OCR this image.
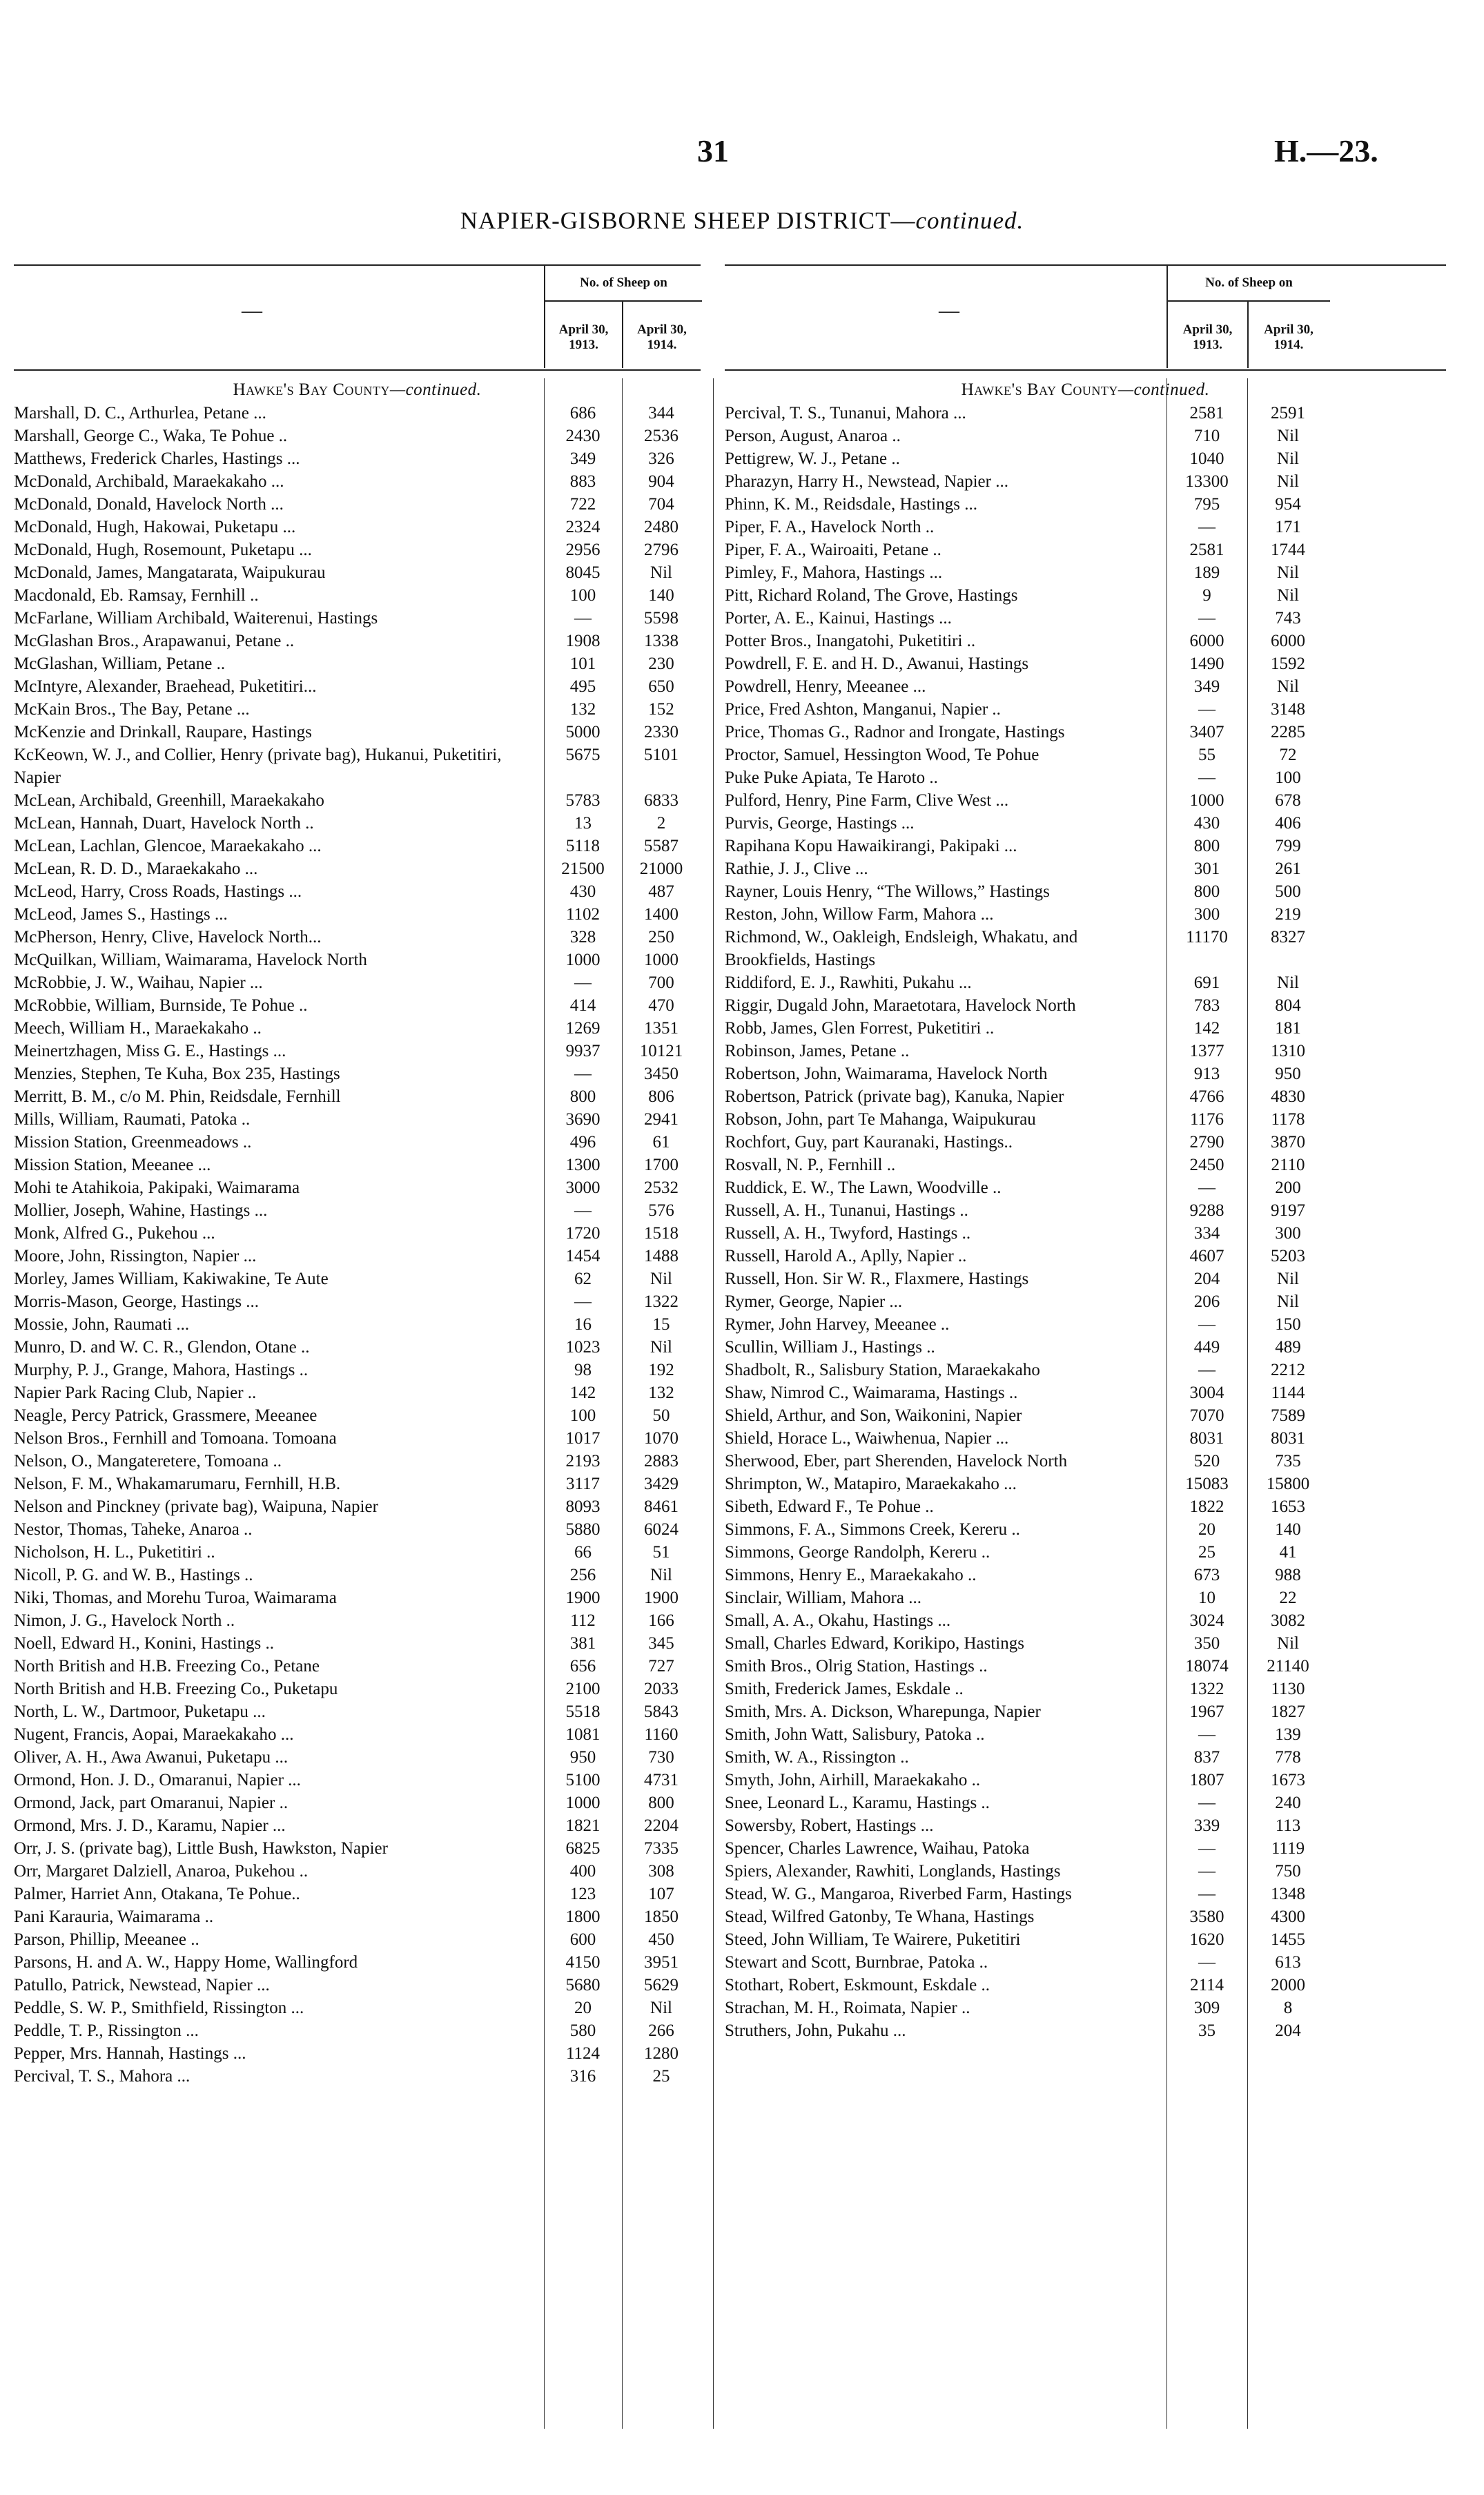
31	H.—23.
NAPIER-GISBORNE SHEEP DISTRICT—continued.
—
No. of Sheep on
April 30,
1913.
April 30,
1914.
—
No. of Sheep on
April 30,
1913.
April 30,
1914.
Hawke's Bay County—continued.
Marshall, D. C., Arthurlea, Petane ...	686	344
Marshall, George C., Waka, Te Pohue ..	2430	2536
Matthews, Frederick Charles, Hastings ...	349	326
McDonald, Archibald, Maraekakaho ...	883	904
McDonald, Donald, Havelock North ...	722	704
McDonald, Hugh, Hakowai, Puketapu ...	2324	2480
McDonald, Hugh, Rosemount, Puketapu ...	2956	2796
McDonald, James, Mangatarata, Waipukurau	8045	Nil
Macdonald, Eb. Ramsay, Fernhill ..	100	140
McFarlane, William Archibald, Waiterenui, Hastings	—	5598
McGlashan Bros., Arapawanui, Petane ..	1908	1338
McGlashan, William, Petane ..	101	230
McIntyre, Alexander, Braehead, Puketitiri...	495	650
McKain Bros., The Bay, Petane ...	132	152
McKenzie and Drinkall, Raupare, Hastings	5000	2330
KcKeown, W. J., and Collier, Henry (private bag), Hukanui, Puketitiri, Napier
5675	5101
McLean, Archibald, Greenhill, Maraekakaho	5783	6833
McLean, Hannah, Duart, Havelock North ..	13	2
McLean, Lachlan, Glencoe, Maraekakaho ...	5118	5587
McLean, R. D. D., Maraekakaho ...	21500	21000
McLeod, Harry, Cross Roads, Hastings ...	430	487
McLeod, James S., Hastings ...	1102	1400
McPherson, Henry, Clive, Havelock North...	328	250
McQuilkan, William, Waimarama, Havelock North	1000	1000
McRobbie, J. W., Waihau, Napier ...	—	700
McRobbie, William, Burnside, Te Pohue ..	414	470
Meech, William H., Maraekakaho ..	1269	1351
Meinertzhagen, Miss G. E., Hastings ...	9937	10121
Menzies, Stephen, Te Kuha, Box 235, Hastings	—	3450
Merritt, B. M., c/o M. Phin, Reidsdale, Fernhill	800	806
Mills, William, Raumati, Patoka ..	3690	2941
Mission Station, Greenmeadows ..	496	61
Mission Station, Meeanee ...	1300	1700
Mohi te Atahikoia, Pakipaki, Waimarama	3000	2532
Mollier, Joseph, Wahine, Hastings ...	—	576
Monk, Alfred G., Pukehou ...	1720	1518
Moore, John, Rissington, Napier ...	1454	1488
Morley, James William, Kakiwakine, Te Aute	62	Nil
Morris-Mason, George, Hastings ...	—	1322
Mossie, John, Raumati ...	16	15
Munro, D. and W. C. R., Glendon, Otane ..	1023	Nil
Murphy, P. J., Grange, Mahora, Hastings ..	98	192
Napier Park Racing Club, Napier ..	142	132
Neagle, Percy Patrick, Grassmere, Meeanee	100	50
Nelson Bros., Fernhill and Tomoana. Tomoana	1017	1070
Nelson, O., Mangateretere, Tomoana ..	2193	2883
Nelson, F. M., Whakamarumaru, Fernhill, H.B.	3117	3429
Nelson and Pinckney (private bag), Waipuna, Napier	8093	8461
Nestor, Thomas, Taheke, Anaroa ..	5880	6024
Nicholson, H. L., Puketitiri ..	66	51
Nicoll, P. G. and W. B., Hastings ..	256	Nil
Niki, Thomas, and Morehu Turoa, Waimarama	1900	1900
Nimon, J. G., Havelock North ..	112	166
Noell, Edward H., Konini, Hastings ..	381	345
North British and H.B. Freezing Co., Petane	656	727
North British and H.B. Freezing Co., Puketapu	2100	2033
North, L. W., Dartmoor, Puketapu ...	5518	5843
Nugent, Francis, Aopai, Maraekakaho ...	1081	1160
Oliver, A. H., Awa Awanui, Puketapu ...	950	730
Ormond, Hon. J. D., Omaranui, Napier ...	5100	4731
Ormond, Jack, part Omaranui, Napier ..	1000	800
Ormond, Mrs. J. D., Karamu, Napier ...	1821	2204
Orr, J. S. (private bag), Little Bush, Hawkston, Napier	6825	7335
Orr, Margaret Dalziell, Anaroa, Pukehou ..	400	308
Palmer, Harriet Ann, Otakana, Te Pohue..	123	107
Pani Karauria, Waimarama ..	1800	1850
Parson, Phillip, Meeanee ..	600	450
Parsons, H. and A. W., Happy Home, Wallingford	4150	3951
Patullo, Patrick, Newstead, Napier ...	5680	5629
Peddle, S. W. P., Smithfield, Rissington ...	20	Nil
Peddle, T. P., Rissington ...	580	266
Pepper, Mrs. Hannah, Hastings ...	1124	1280
Percival, T. S., Mahora ...	316	25
Hawke's Bay County—continued.
Percival, T. S., Tunanui, Mahora ...	2581	2591
Person, August, Anaroa ..	710	Nil
Pettigrew, W. J., Petane ..	1040	Nil
Pharazyn, Harry H., Newstead, Napier ...	13300	Nil
Phinn, K. M., Reidsdale, Hastings ...	795	954
Piper, F. A., Havelock North ..	—	171
Piper, F. A., Wairoaiti, Petane ..	2581	1744
Pimley, F., Mahora, Hastings ...	189	Nil
Pitt, Richard Roland, The Grove, Hastings	9	Nil
Porter, A. E., Kainui, Hastings ...	—	743
Potter Bros., Inangatohi, Puketitiri ..	6000	6000
Powdrell, F. E. and H. D., Awanui, Hastings	1490	1592
Powdrell, Henry, Meeanee ...	349	Nil
Price, Fred Ashton, Manganui, Napier ..	—	3148
Price, Thomas G., Radnor and Irongate, Hastings	3407	2285
Proctor, Samuel, Hessington Wood, Te Pohue	55	72
Puke Puke Apiata, Te Haroto ..	—	100
Pulford, Henry, Pine Farm, Clive West ...	1000	678
Purvis, George, Hastings ...	430	406
Rapihana Kopu Hawaikirangi, Pakipaki ...	800	799
Rathie, J. J., Clive ...	301	261
Rayner, Louis Henry, “The Willows,” Hastings	800	500
Reston, John, Willow Farm, Mahora ...	300	219
Richmond, W., Oakleigh, Endsleigh, Whakatu, and Brookfields, Hastings
11170	8327
Riddiford, E. J., Rawhiti, Pukahu ...	691	Nil
Riggir, Dugald John, Maraetotara, Havelock North	783	804
Robb, James, Glen Forrest, Puketitiri ..	142	181
Robinson, James, Petane ..	1377	1310
Robertson, John, Waimarama, Havelock North	913	950
Robertson, Patrick (private bag), Kanuka, Napier	4766	4830
Robson, John, part Te Mahanga, Waipukurau	1176	1178
Rochfort, Guy, part Kauranaki, Hastings..	2790	3870
Rosvall, N. P., Fernhill ..	2450	2110
Ruddick, E. W., The Lawn, Woodville ..	—	200
Russell, A. H., Tunanui, Hastings ..	9288	9197
Russell, A. H., Twyford, Hastings ..	334	300
Russell, Harold A., Aplly, Napier ..	4607	5203
Russell, Hon. Sir W. R., Flaxmere, Hastings	204	Nil
Rymer, George, Napier ...	206	Nil
Rymer, John Harvey, Meeanee ..	—	150
Scullin, William J., Hastings ..	449	489
Shadbolt, R., Salisbury Station, Maraekakaho	—	2212
Shaw, Nimrod C., Waimarama, Hastings ..	3004	1144
Shield, Arthur, and Son, Waikonini, Napier	7070	7589
Shield, Horace L., Waiwhenua, Napier ...	8031	8031
Sherwood, Eber, part Sherenden, Havelock North	520	735
Shrimpton, W., Matapiro, Maraekakaho ...	15083	15800
Sibeth, Edward F., Te Pohue ..	1822	1653
Simmons, F. A., Simmons Creek, Kereru ..	20	140
Simmons, George Randolph, Kereru ..	25	41
Simmons, Henry E., Maraekakaho ..	673	988
Sinclair, William, Mahora ...	10	22
Small, A. A., Okahu, Hastings ...	3024	3082
Small, Charles Edward, Korikipo, Hastings	350	Nil
Smith Bros., Olrig Station, Hastings ..	18074	21140
Smith, Frederick James, Eskdale ..	1322	1130
Smith, Mrs. A. Dickson, Wharepunga, Napier	1967	1827
Smith, John Watt, Salisbury, Patoka ..	—	139
Smith, W. A., Rissington ..	837	778
Smyth, John, Airhill, Maraekakaho ..	1807	1673
Snee, Leonard L., Karamu, Hastings ..	—	240
Sowersby, Robert, Hastings ...	339	113
Spencer, Charles Lawrence, Waihau, Patoka	—	1119
Spiers, Alexander, Rawhiti, Longlands, Hastings	—	750
Stead, W. G., Mangaroa, Riverbed Farm, Hastings	—	1348
Stead, Wilfred Gatonby, Te Whana, Hastings	3580	4300
Steed, John William, Te Wairere, Puketitiri	1620	1455
Stewart and Scott, Burnbrae, Patoka ..	—	613
Stothart, Robert, Eskmount, Eskdale ..	2114	2000
Strachan, M. H., Roimata, Napier ..	309	8
Struthers, John, Pukahu ...	35	204
